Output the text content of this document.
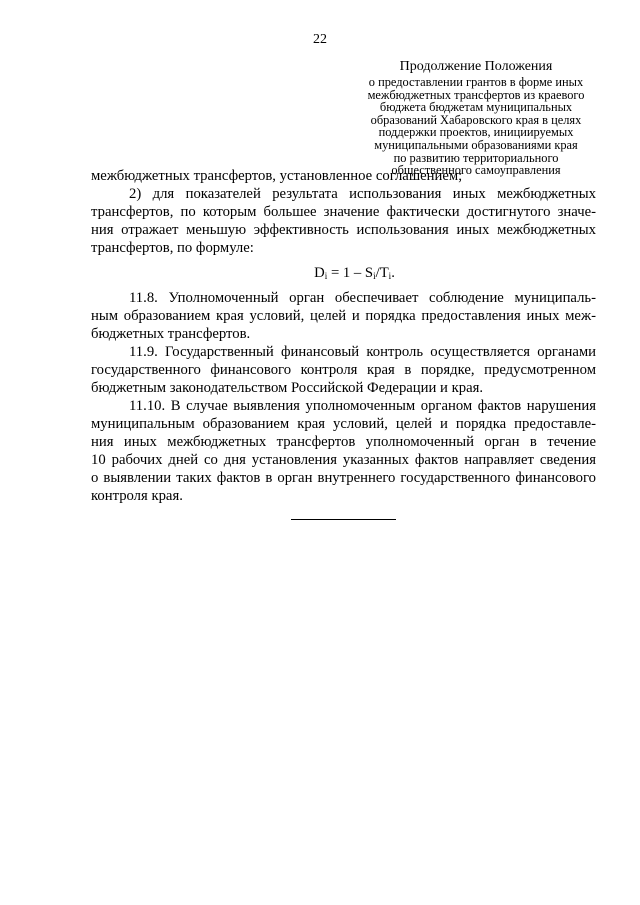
22
Продолжение Положения
о предоставлении грантов в форме иных
межбюджетных трансфертов из краевого
бюджета бюджетам муниципальных
образований Хабаровского края в целях
поддержки проектов, инициируемых
муниципальными образованиями края
по развитию территориального
общественного самоуправления
межбюджетных трансфертов, установленное соглашением;
2) для показателей результата использования иных межбюджетных
трансфертов, по которым большее значение фактически достигнутого значе-
ния отражает меньшую эффективность использования иных межбюджетных
трансфертов, по формуле:
$D_i = 1 - S_i/T_i$.
11.8. Уполномоченный орган обеспечивает соблюдение муниципаль-
ным образованием края условий, целей и порядка предоставления иных меж-
бюджетных трансфертов.
11.9. Государственный финансовый контроль осуществляется органами
государственного финансового контроля края в порядке, предусмотренном
бюджетным законодательством Российской Федерации и края.
11.10. В случае выявления уполномоченным органом фактов нарушения
муниципальным образованием края условий, целей и порядка предоставле-
ния иных межбюджетных трансфертов уполномоченный орган в течение
10 рабочих дней со дня установления указанных фактов направляет сведения
о выявлении таких фактов в орган внутреннего государственного финансового
контроля края.
